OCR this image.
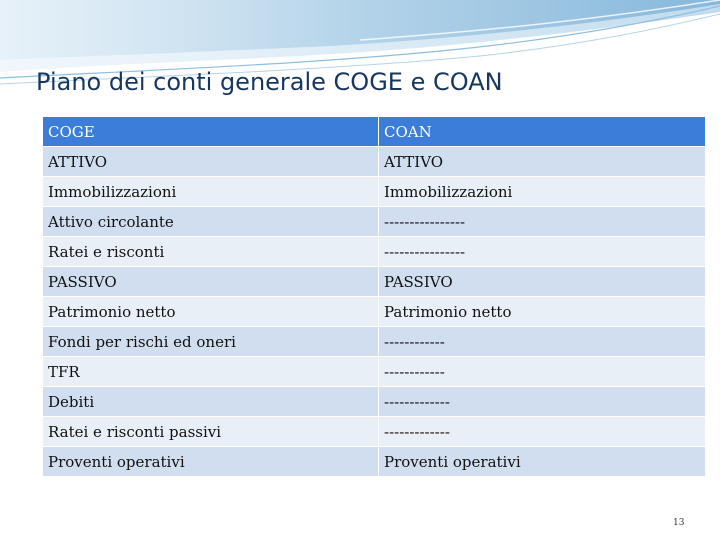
Piano dei conti generale COGE e COAN
COGE	COAN
ATTIVO	ATTIVO
Immobilizzazioni	Immobilizzazioni
Attivo circolante	----------------
Ratei e risconti	----------------
PASSIVO	PASSIVO
Patrimonio netto	Patrimonio netto
Fondi per rischi ed oneri	------------
TFR	------------
Debiti	-------------
Ratei e risconti passivi	-------------
Proventi operativi	Proventi operativi
13
